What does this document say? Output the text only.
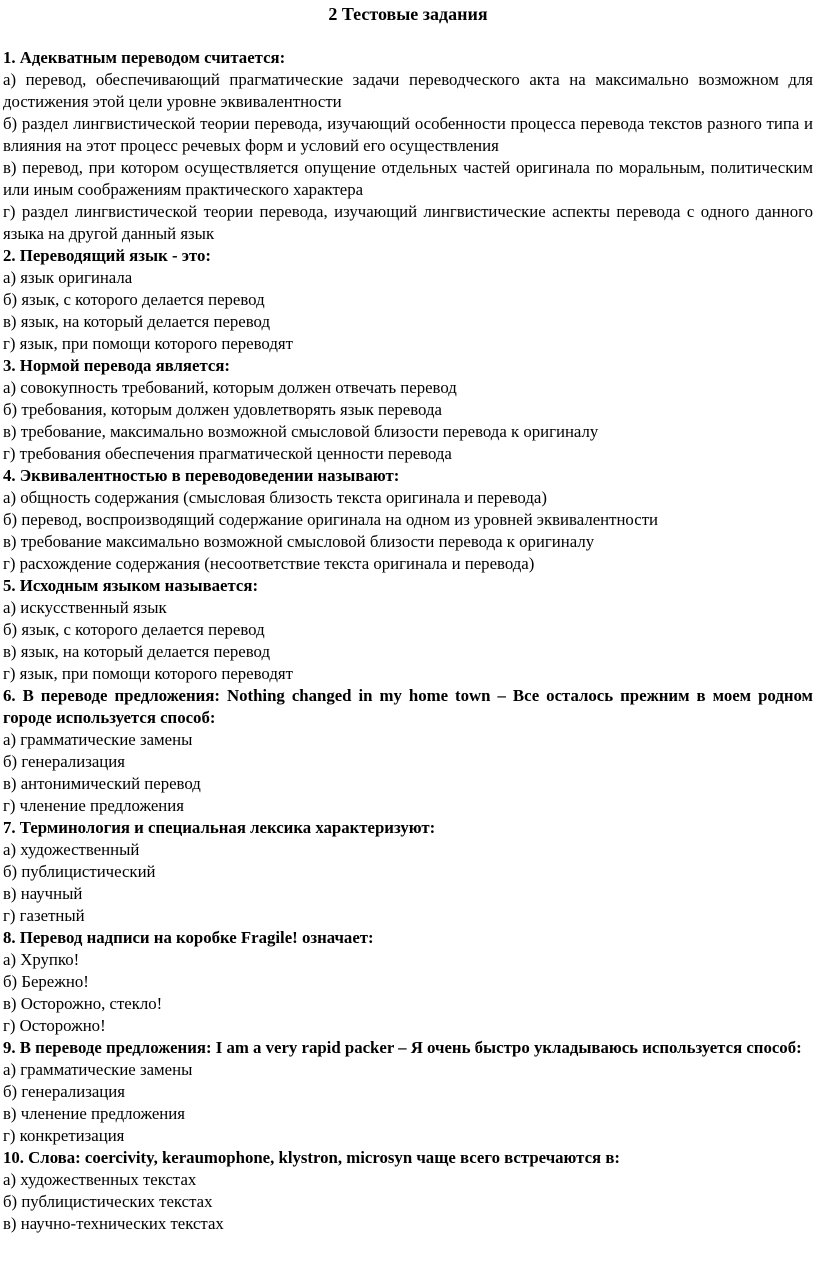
2 Тестовые задания

1. Адекватным переводом считается:

а) перевод, обеспечивающий прагматические задачи переводческого акта на максимально возможном для достижения этой цели уровне эквивалентности

б) раздел лингвистической теории перевода, изучающий особенности процесса перевода текстов разного типа и влияния на этот процесс речевых форм и условий его осуществления

в) перевод, при котором осуществляется опущение отдельных частей оригинала по моральным, политическим или иным соображениям практического характера

г) раздел лингвистической теории перевода, изучающий лингвистические аспекты перевода с одного данного языка на другой данный язык

2. Переводящий язык - это:

а) язык оригинала

б) язык, с которого делается перевод

в) язык, на который делается перевод

г) язык, при помощи которого переводят

3. Нормой перевода является:

а) совокупность требований, которым должен отвечать перевод

б) требования, которым должен удовлетворять язык перевода

в) требование, максимально возможной смысловой близости перевода к оригиналу

г) требования обеспечения прагматической ценности перевода

4. Эквивалентностью в переводоведении называют:

а) общность содержания (смысловая близость текста оригинала и перевода)

б) перевод, воспроизводящий содержание оригинала на одном из уровней эквивалентности

в) требование максимально возможной смысловой близости перевода к оригиналу

г) расхождение содержания (несоответствие текста оригинала и перевода)

5. Исходным языком называется:

а) искусственный язык

б) язык, с которого делается перевод

в) язык, на который делается перевод

г) язык, при помощи которого переводят

6. В переводе предложения: Nothing changed in my home town – Все осталось прежним в моем родном городе используется способ:

а) грамматические замены

б) генерализация

в) антонимический перевод

г) членение предложения

7. Терминология и специальная лексика характеризуют:

а) художественный

б) публицистический

в) научный

г) газетный

8. Перевод надписи на коробке Fragile! означает:

а) Хрупко!

б) Бережно!

в) Осторожно, стекло!

г) Осторожно!

9. В переводе предложения: I am a very rapid packer – Я очень быстро укладываюсь используется способ:

а) грамматические замены

б) генерализация

в) членение предложения

г) конкретизация

10. Слова: coercivity, keraumophone, klystron, microsyn чаще всего встречаются в:

а) художественных текстах

б) публицистических текстах

в) научно-технических текстах
